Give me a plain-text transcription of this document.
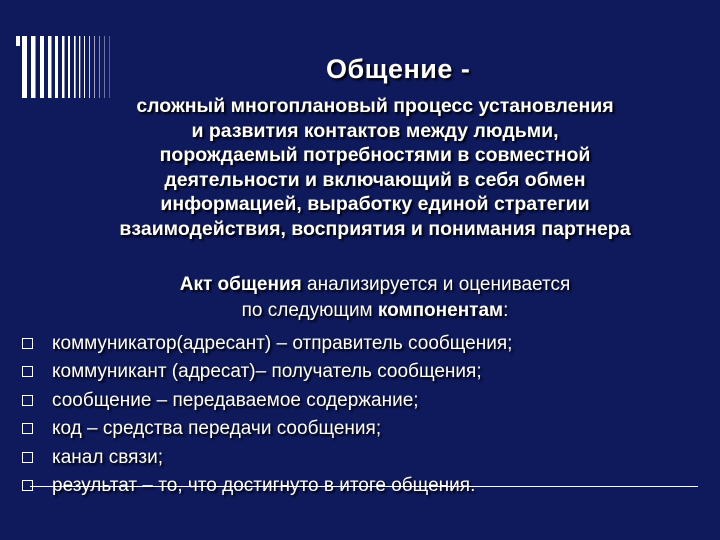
Общение -
сложный многоплановый процесс установления
и развития контактов между людьми,
порождаемый потребностями в совместной
деятельности и включающий в себя обмен
информацией, выработку единой стратегии
взаимодействия, восприятия и понимания партнера
Акт общения анализируется и оценивается
по следующим компонентам:
коммуникатор(адресант) – отправитель сообщения;
коммуникант (адресат)– получатель сообщения;
сообщение – передаваемое содержание;
код – средства передачи сообщения;
канал связи;
результат – то, что достигнуто в итоге общения.
